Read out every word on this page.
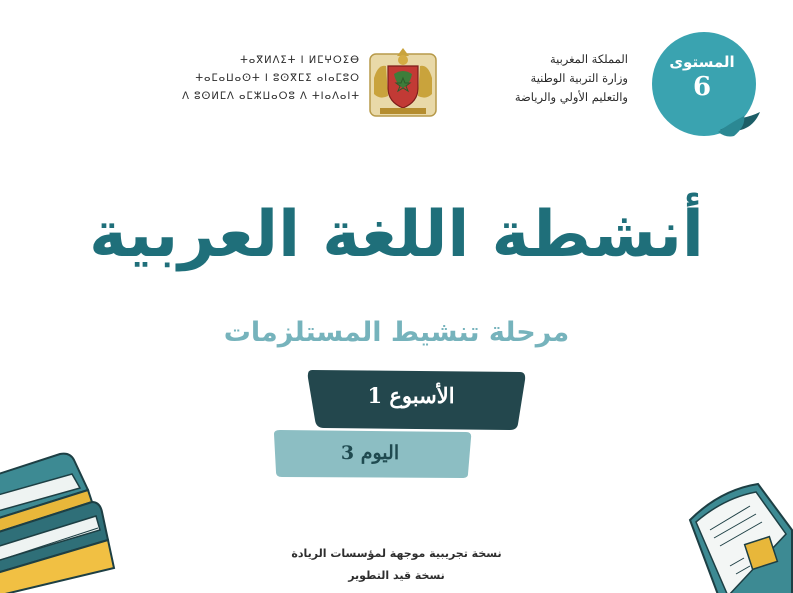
المملكة المغربية
وزارة التربية الوطنية
والتعليم الأولي والرياضة
ⵜⴰⴳⵍⴷⵉⵜ ⵏ ⵍⵎⵖⵔⵉⴱ
ⵜⴰⵎⴰⵡⴰⵙⵜ ⵏ ⵓⵙⴳⵎⵉ ⴰⵏⴰⵎⵓⵔ
ⴷ ⵓⵙⵍⵎⴷ ⴰⵎⵣⵡⴰⵔⵓ ⴷ ⵜⵏⴰⴷⴰⵏⵜ
المستوى
6
أنشطة اللغة العربية
مرحلة تنشيط المستلزمات
الأسبوع 1
اليوم 3
نسخة تجريبية موجهة لمؤسسات الريادة
نسخة قيد التطوير
